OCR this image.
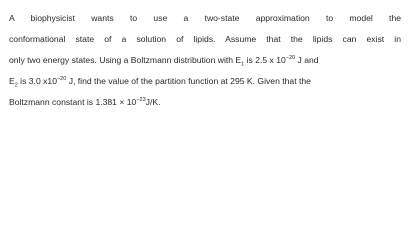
A biophysicist wants to use a two-state approximation to model the
conformational state of a solution of lipids. Assume that the lipids can exist in
only two energy states. Using a Boltzmann distribution with $E_1$ is 2.5 x $10^{-20}$ J and
$E_2$ is 3.0 $x10^{-20}$ J, find the value of the partition function at 295 K. Given that the
Boltzmann constant is $1.381 \times 10^{-23}J/K$.
